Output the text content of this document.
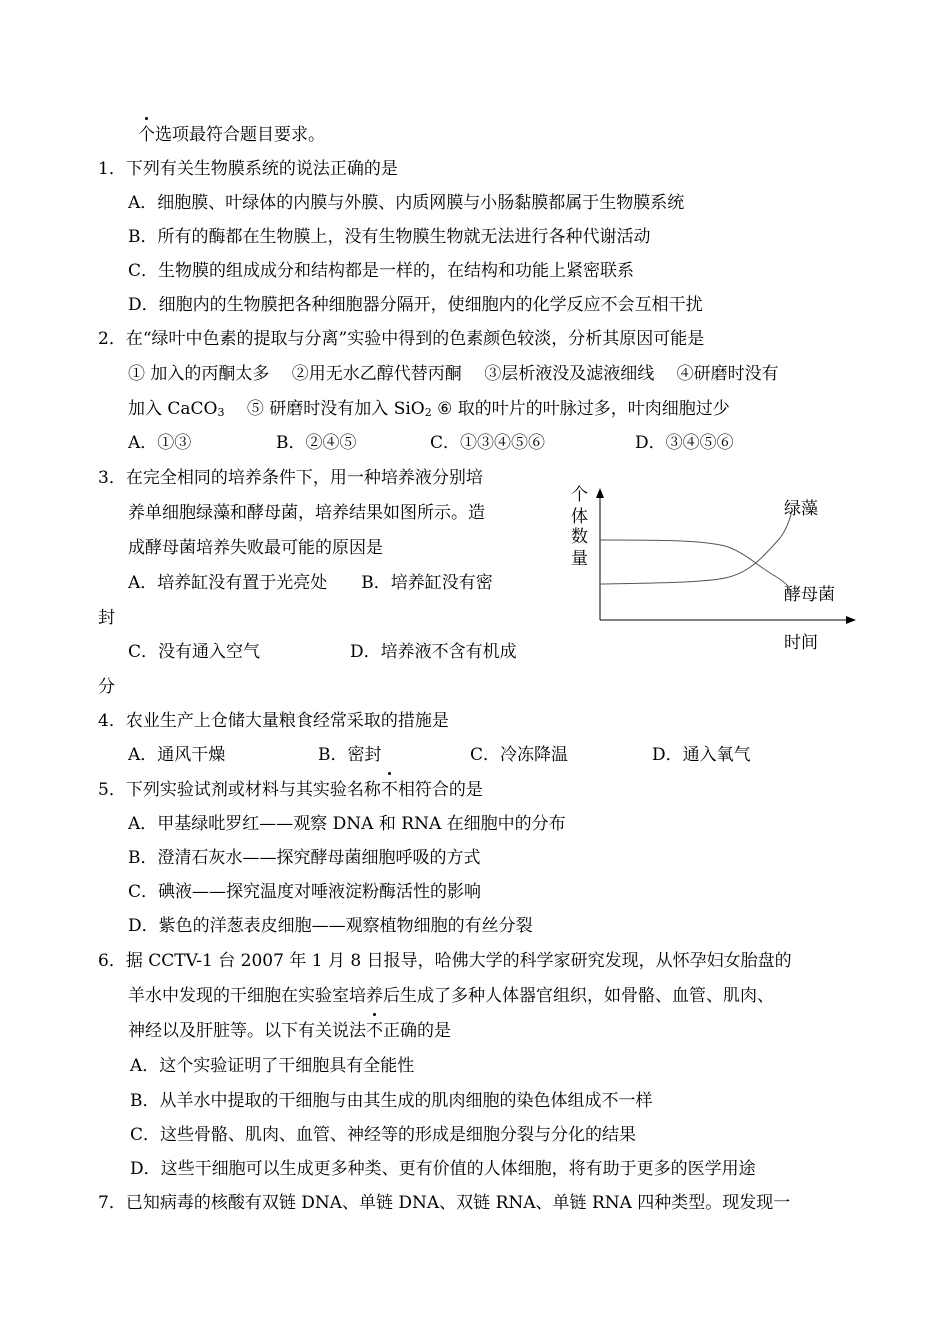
个选项最符合题目要求。
1．下列有关生物膜系统的说法正确的是
A．细胞膜、叶绿体的内膜与外膜、内质网膜与小肠黏膜都属于生物膜系统
B．所有的酶都在生物膜上，没有生物膜生物就无法进行各种代谢活动
C．生物膜的组成成分和结构都是一样的，在结构和功能上紧密联系
D．细胞内的生物膜把各种细胞器分隔开，使细胞内的化学反应不会互相干扰
2．在“绿叶中色素的提取与分离”实验中得到的色素颜色较淡，分析其原因可能是
① 加入的丙酮太多　 ②用无水乙醇代替丙酮　 ③层析液没及滤液细线　 ④研磨时没有
加入 CaCO$_3$　 ⑤ 研磨时没有加入 SiO$_2$ ⑥ 取的叶片的叶脉过多，叶肉细胞过少
A．①③	B．②④⑤	C．①③④⑤⑥	D．③④⑤⑥
3．在完全相同的培养条件下，用一种培养液分别培
养单细胞绿藻和酵母菌，培养结果如图所示。造
成酵母菌培养失败最可能的原因是
A．培养缸没有置于光亮处　　B．培养缸没有密
封
C．没有通入空气	D．培养液不含有机成
分
个
体
数
量
时间
绿藻
酵母菌
4．农业生产上仓储大量粮食经常采取的措施是
A．通风干燥	B．密封	C．冷冻降温	D．通入氧气
5．下列实验试剂或材料与其实验名称不相符合的是
A．甲基绿吡罗红——观察 DNA 和 RNA 在细胞中的分布
B．澄清石灰水——探究酵母菌细胞呼吸的方式
C．碘液——探究温度对唾液淀粉酶活性的影响
D．紫色的洋葱表皮细胞——观察植物细胞的有丝分裂
6．据 CCTV-1 台 2007 年 1 月 8 日报导，哈佛大学的科学家研究发现，从怀孕妇女胎盘的
羊水中发现的干细胞在实验室培养后生成了多种人体器官组织，如骨骼、血管、肌肉、
神经以及肝脏等。以下有关说法不正确的是
A．这个实验证明了干细胞具有全能性
B．从羊水中提取的干细胞与由其生成的肌肉细胞的染色体组成不一样
C．这些骨骼、肌肉、血管、神经等的形成是细胞分裂与分化的结果
D．这些干细胞可以生成更多种类、更有价值的人体细胞，将有助于更多的医学用途
7．已知病毒的核酸有双链 DNA、单链 DNA、双链 RNA、单链 RNA 四种类型。现发现一
